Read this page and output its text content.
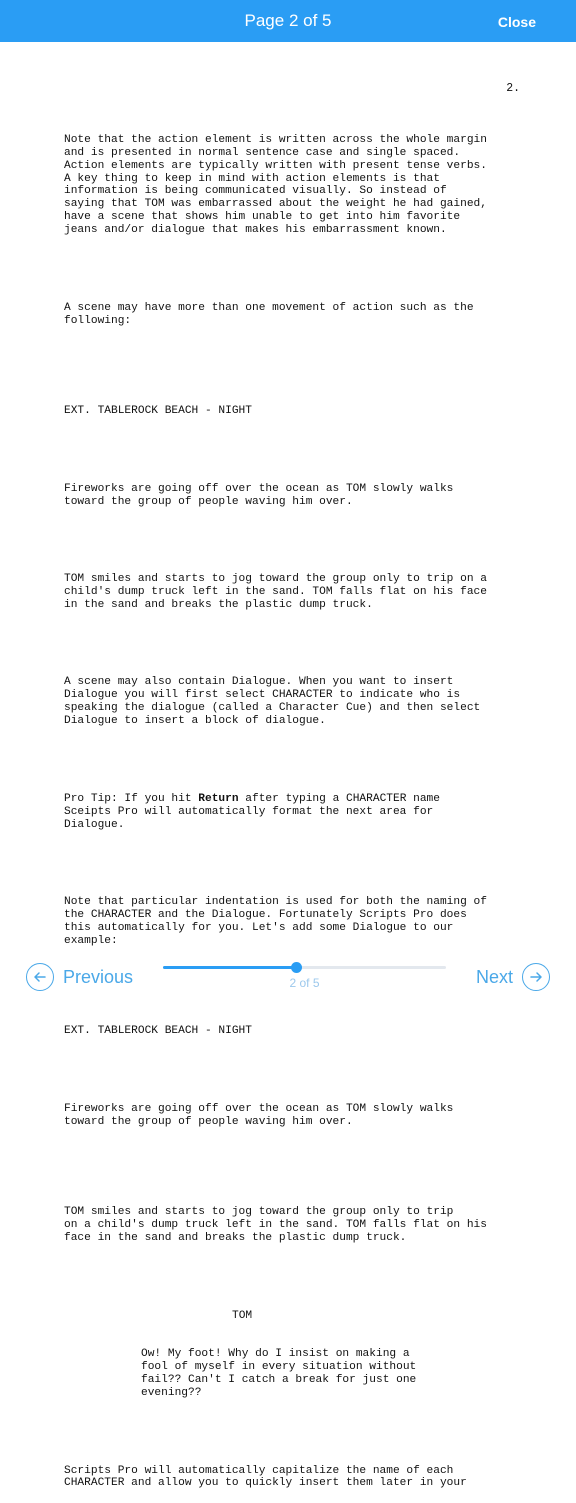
Page 2 of 5	Close
2.

Note that the action element is written across the whole margin
and is presented in normal sentence case and single spaced.
Action elements are typically written with present tense verbs.
A key thing to keep in mind with action elements is that
information is being communicated visually. So instead of
saying that TOM was embarrassed about the weight he had gained,
have a scene that shows him unable to get into him favorite
jeans and/or dialogue that makes his embarrassment known.

A scene may have more than one movement of action such as the
following:

EXT. TABLEROCK BEACH - NIGHT

Fireworks are going off over the ocean as TOM slowly walks
toward the group of people waving him over.

TOM smiles and starts to jog toward the group only to trip on a
child's dump truck left in the sand. TOM falls flat on his face
in the sand and breaks the plastic dump truck.

A scene may also contain Dialogue. When you want to insert
Dialogue you will first select CHARACTER to indicate who is
speaking the dialogue (called a Character Cue) and then select
Dialogue to insert a block of dialogue.

Pro Tip: If you hit Return after typing a CHARACTER name
Sceipts Pro will automatically format the next area for
Dialogue.

Note that particular indentation is used for both the naming of
the CHARACTER and the Dialogue. Fortunately Scripts Pro does
this automatically for you. Let's add some Dialogue to our
example:

EXT. TABLEROCK BEACH - NIGHT

Fireworks are going off over the ocean as TOM slowly walks
toward the group of people waving him over.

TOM smiles and starts to jog toward the group only to trip
on a child's dump truck left in the sand. TOM falls flat on his
face in the sand and breaks the plastic dump truck.

TOM

Ow! My foot! Why do I insist on making a
fool of myself in every situation without
fail?? Can't I catch a break for just one
evening??

Scripts Pro will automatically capitalize the name of each
CHARACTER and allow you to quickly insert them later in your

Previous	2 of 5	Next
